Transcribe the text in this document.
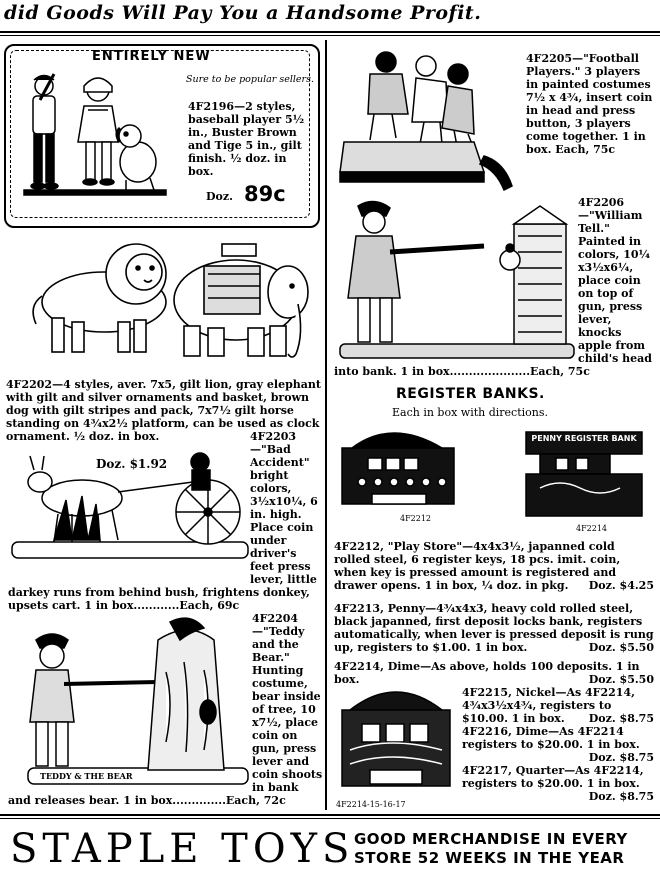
did Goods Will Pay You a Handsome Profit.
ENTIRELY NEW
Sure to be popular sellers.
4F2196—2 styles, baseball player 5½ in., Buster Brown and Tige 5 in., gilt finish. ½ doz. in box.
Doz. 89c
4F2202—4 styles, aver. 7x5, gilt lion, gray elephant with gilt and silver ornaments and basket, brown dog with gilt stripes and pack, 7x7½ gilt horse standing on 4¾x2½ platform, can be used as clock ornament. ½ doz. in box.
Doz. $1.92
4F2203—"Bad Accident" bright colors, 3½x10¼, 6 in. high. Place coin under driver's feet press lever, little darkey runs from behind bush, frightens donkey, upsets cart. 1 in box............Each, 69c
TEDDY & THE BEAR
4F2204—"Teddy and the Bear." Hunting costume, bear inside of tree, 10 x7½, place coin on gun, press lever and coin shoots in bank and releases bear. 1 in box..............Each, 72c
4F2205—"Football Players." 3 players in painted costumes 7½ x 4¾, insert coin in head and press button, 3 players come together. 1 in box. Each, 75c
4F2206—"William Tell." Painted in colors, 10¼ x3½x6¼, place coin on top of gun, press lever, knocks apple from child's head into bank. 1 in box.....................Each, 75c
REGISTER BANKS.
Each in box with directions.
4F2212
PENNY REGISTER BANK
4F2214
4F2212, "Play Store"—4x4x3½, japanned cold rolled steel, 6 register keys, 18 pcs. imit. coin, when key is pressed amount is registered and drawer opens. 1 in box, ¼ doz. in pkg. Doz. $4.25
4F2213, Penny—4¾x4x3, heavy cold rolled steel, black japanned, first deposit locks bank, registers automatically, when lever is pressed deposit is rung up, registers to $1.00. 1 in box.	Doz. $5.50
4F2214-15-16-17
4F2214, Dime—As above, holds 100 deposits. 1 in box.	Doz. $5.50
4F2215, Nickel—As 4F2214, 4¾x3½x4¾, registers to $10.00. 1 in box. Doz. $8.75
4F2216, Dime—As 4F2214 registers to $20.00. 1 in box.
Doz. $8.75
4F2217, Quarter—As 4F2214, registers to $20.00. 1 in box.
Doz. $8.75
STAPLE TOYS GOOD MERCHANDISE IN EVERY
STORE 52 WEEKS IN THE YEAR
